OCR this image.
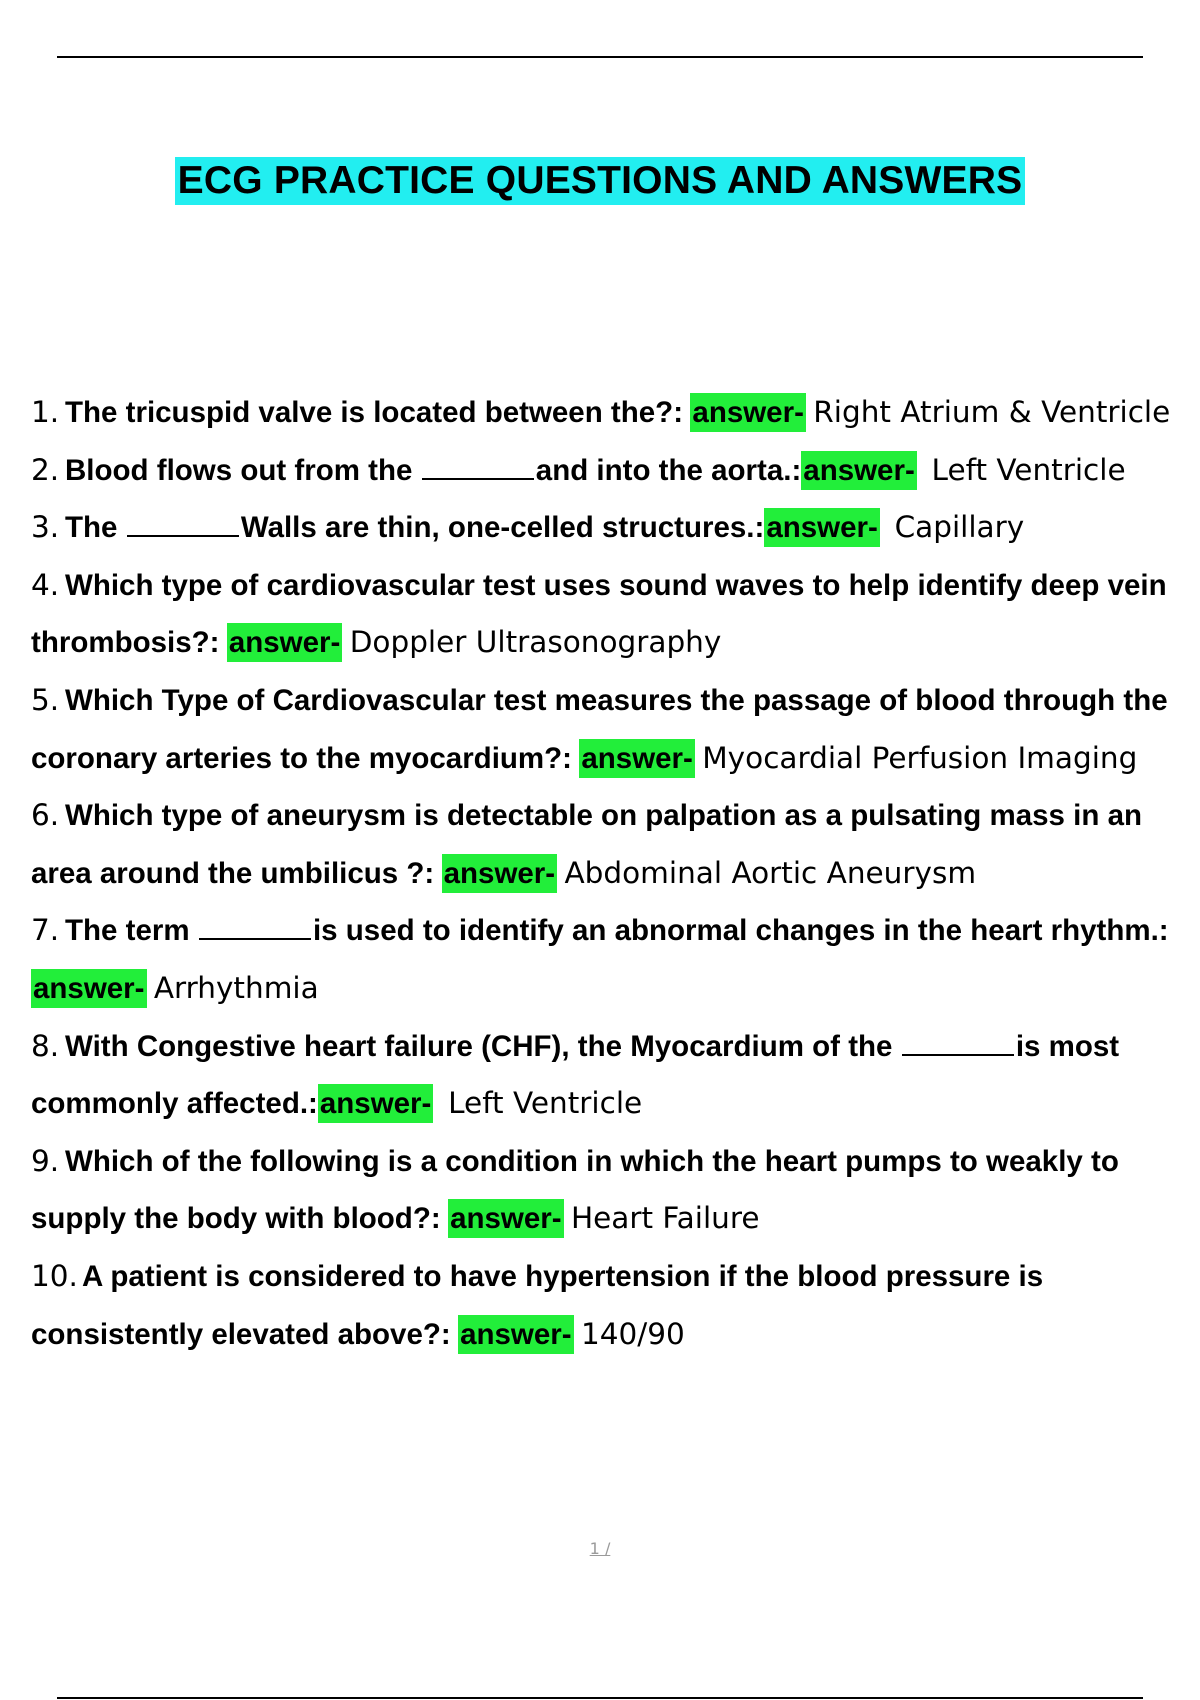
ECG PRACTICE QUESTIONS AND ANSWERS
1. The tricuspid valve is located between the?: answer- Right Atrium & Ventricle
2. Blood flows out from the	and into the aorta.:answer- Left Ventricle
3. The	Walls are thin, one-celled structures.:answer- Capillary
4. Which type of cardiovascular test uses sound waves to help identify deep vein thrombosis?: answer- Doppler Ultrasonography
5. Which Type of Cardiovascular test measures the passage of blood through the coronary arteries to the myocardium?: answer- Myocardial Perfusion Imaging
6. Which type of aneurysm is detectable on palpation as a pulsating mass in an area around the umbilicus ?: answer- Abdominal Aortic Aneurysm
7. The term	is used to identify an abnormal changes in the heart rhythm.: answer- Arrhythmia
8. With Congestive heart failure (CHF), the Myocardium of the	is most commonly affected.:answer- Left Ventricle
9. Which of the following is a condition in which the heart pumps to weakly to supply the body with blood?: answer- Heart Failure
10. A patient is considered to have hypertension if the blood pressure is consistently elevated above?: answer- 140/90
1 /
